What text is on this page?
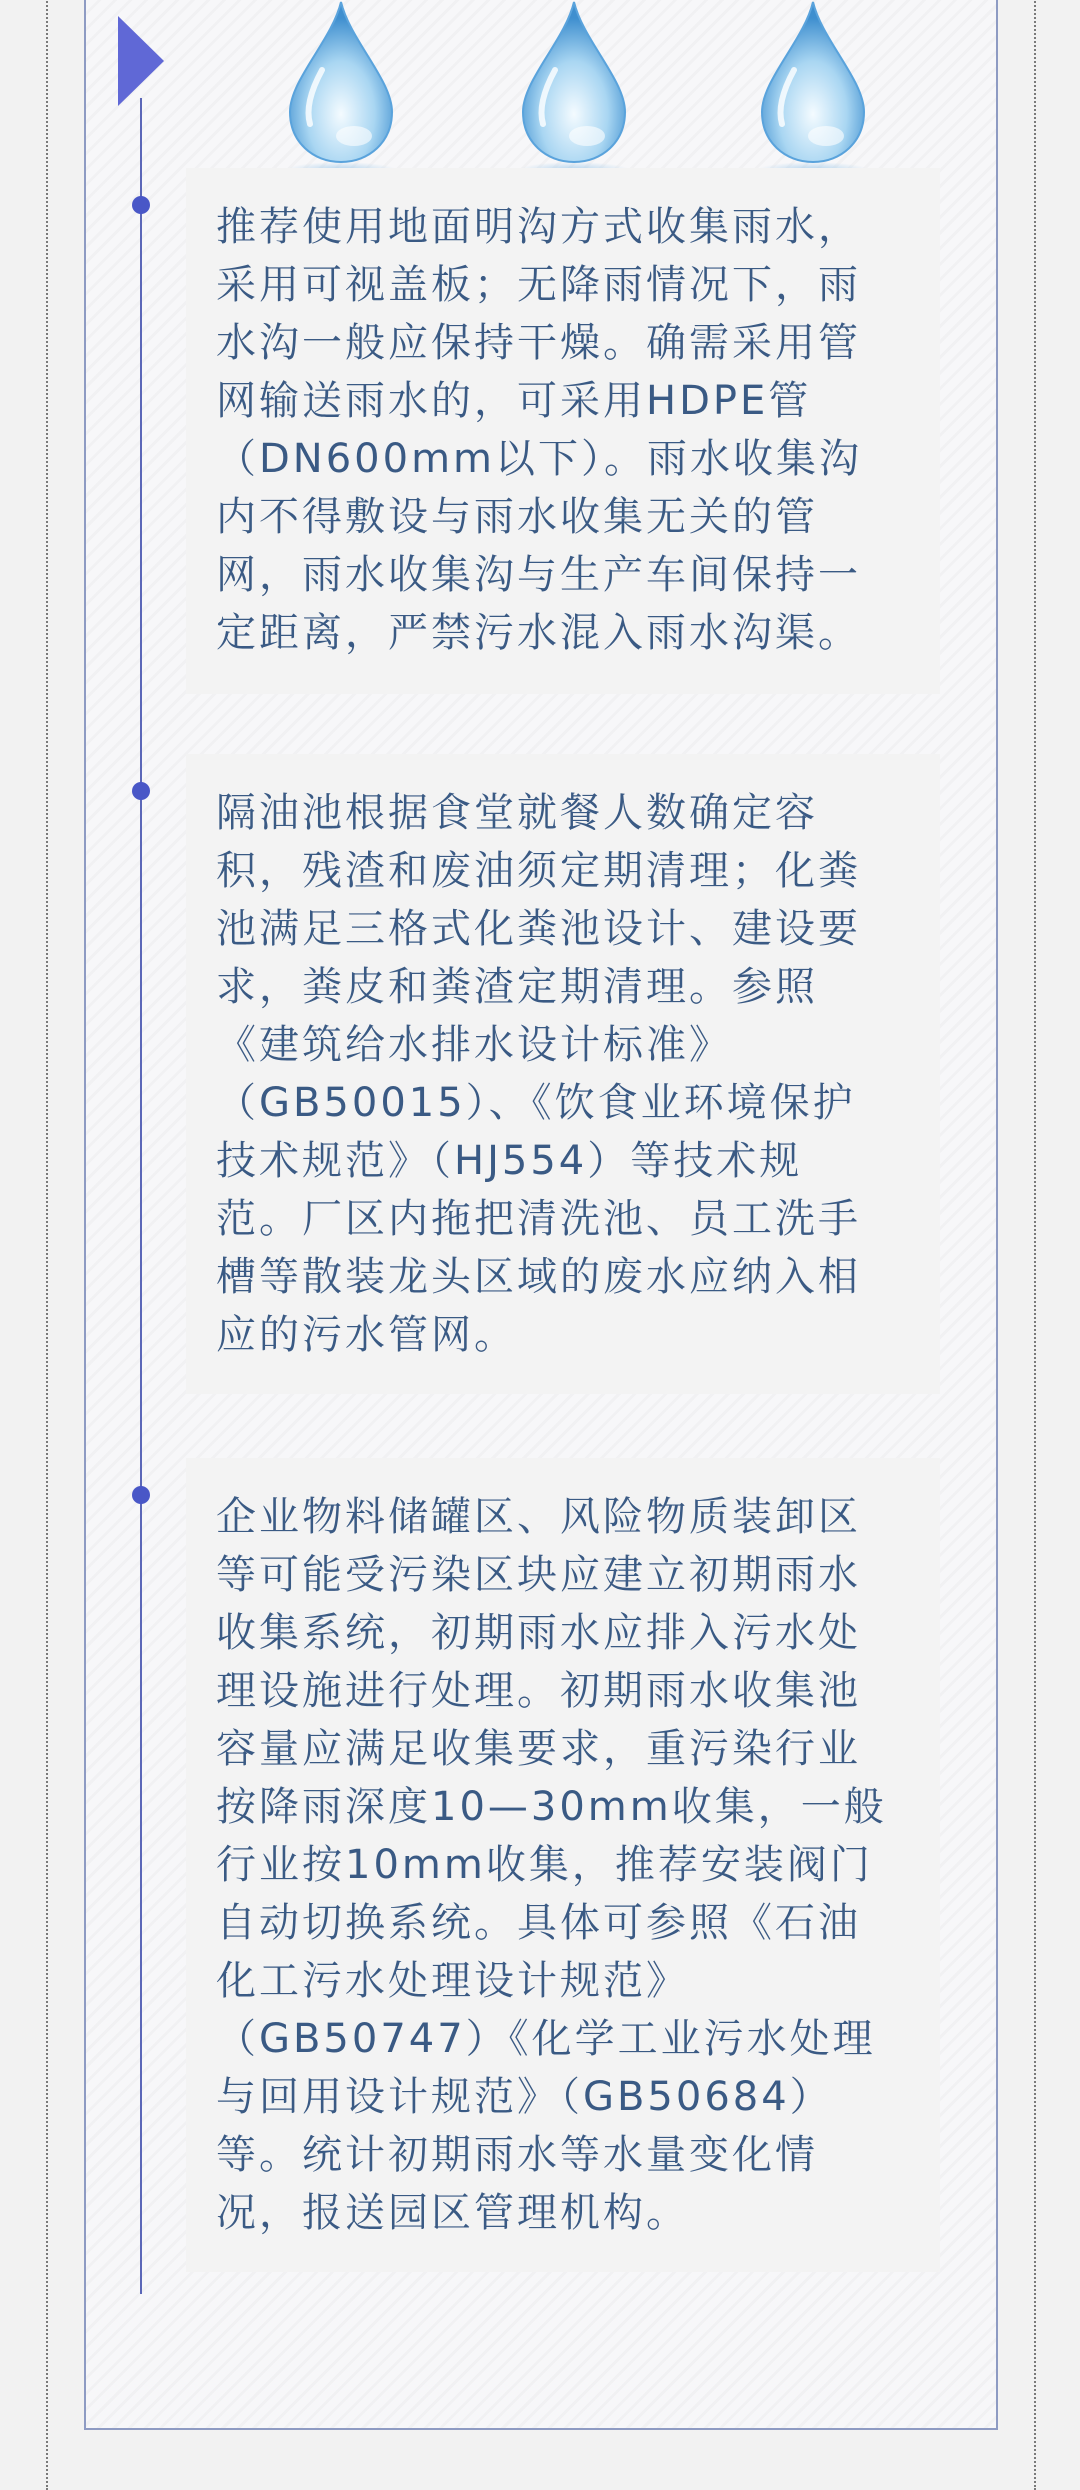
推荐使用地面明沟方式收集雨水，

采用可视盖板；无降雨情况下，雨

水沟一般应保持干燥。确需采用管

网输送雨水的，可采用HDPE管

（DN600mm以下）。雨水收集沟

内不得敷设与雨水收集无关的管

网，雨水收集沟与生产车间保持一

定距离，严禁污水混入雨水沟渠。

隔油池根据食堂就餐人数确定容

积，残渣和废油须定期清理；化粪

池满足三格式化粪池设计、建设要

求，粪皮和粪渣定期清理。参照

《建筑给水排水设计标准》

（GB50015）、《饮食业环境保护

技术规范》（HJ554）等技术规

范。厂区内拖把清洗池、员工洗手

槽等散装龙头区域的废水应纳入相

应的污水管网。

企业物料储罐区、风险物质装卸区

等可能受污染区块应建立初期雨水

收集系统，初期雨水应排入污水处

理设施进行处理。初期雨水收集池

容量应满足收集要求，重污染行业

按降雨深度10—30mm收集，一般

行业按10mm收集，推荐安装阀门

自动切换系统。具体可参照《石油

化工污水处理设计规范》

（GB50747）《化学工业污水处理

与回用设计规范》（GB50684）

等。统计初期雨水等水量变化情

况，报送园区管理机构。
